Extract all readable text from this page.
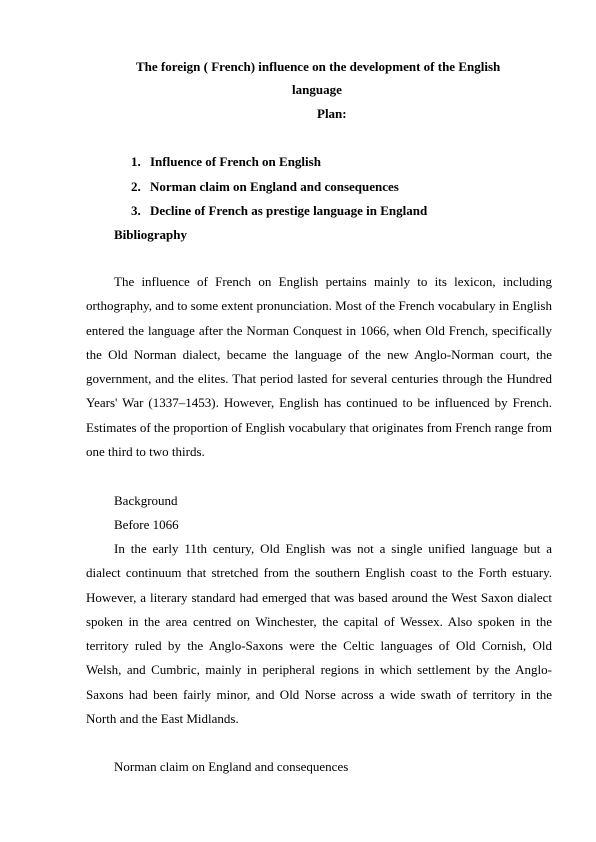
The foreign ( French) influence on the development of the English
language
Plan:
1. Influence of French on English
2. Norman claim on England and consequences
3. Decline of French as prestige language in England
Bibliography

The influence of French on English pertains mainly to its lexicon, including orthography, and to some extent pronunciation. Most of the French vocabulary in English entered the language after the Norman Conquest in 1066, when Old French, specifically the Old Norman dialect, became the language of the new Anglo-Norman court, the government, and the elites. That period lasted for several centuries through the Hundred Years' War (1337–1453). However, English has continued to be influenced by French. Estimates of the proportion of English vocabulary that originates from French range from one third to two thirds.

Background
Before 1066

In the early 11th century, Old English was not a single unified language but a dialect continuum that stretched from the southern English coast to the Forth estuary. However, a literary standard had emerged that was based around the West Saxon dialect spoken in the area centred on Winchester, the capital of Wessex. Also spoken in the territory ruled by the Anglo-Saxons were the Celtic languages of Old Cornish, Old Welsh, and Cumbric, mainly in peripheral regions in which settlement by the Anglo-Saxons had been fairly minor, and Old Norse across a wide swath of territory in the North and the East Midlands.

Norman claim on England and consequences
